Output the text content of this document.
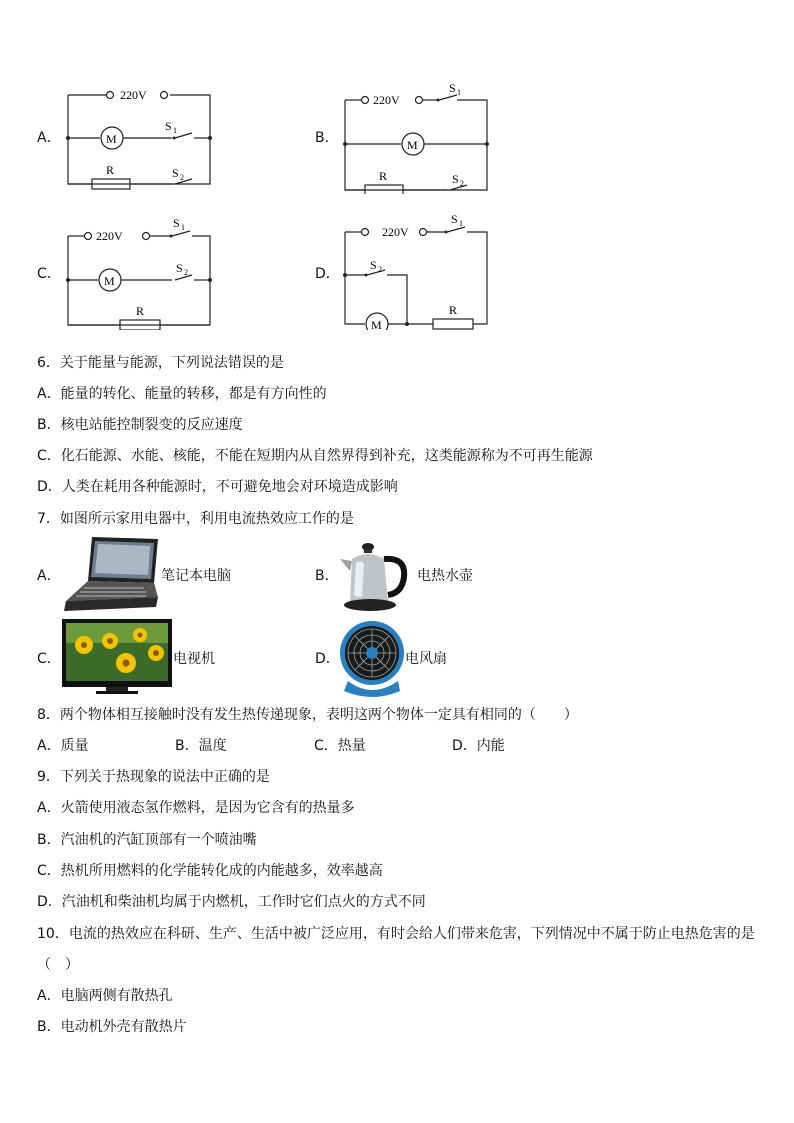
A．
220V
M
S 1
R	S 2
B．
220V
S 1
M
R	S 2
C．
220V
S 1
M
S 2
R
D．
220V
S 1
S 2
M
R
6．关于能量与能源，下列说法错误的是
A．能量的转化、能量的转移，都是有方向性的
B．核电站能控制裂变的反应速度
C．化石能源、水能、核能，不能在短期内从自然界得到补充，这类能源称为不可再生能源
D．人类在耗用各种能源时，不可避免地会对环境造成影响
7．如图所示家用电器中，利用电流热效应工作的是
A．	笔记本电脑	B．	电热水壶
C．	电视机	D．	电风扇
8．两个物体相互接触时没有发生热传递现象，表明这两个物体一定具有相同的（　　）
A．质量	B．温度	C．热量	D．内能
9．下列关于热现象的说法中正确的是
A．火箭使用液态氢作燃料，是因为它含有的热量多
B．汽油机的汽缸顶部有一个喷油嘴
C．热机所用燃料的化学能转化成的内能越多，效率越高
D．汽油机和柴油机均属于内燃机，工作时它们点火的方式不同
10．电流的热效应在科研、生产、生活中被广泛应用，有时会给人们带来危害，下列情况中不属于防止电热危害的是
（　）
A．电脑两侧有散热孔
B．电动机外壳有散热片
